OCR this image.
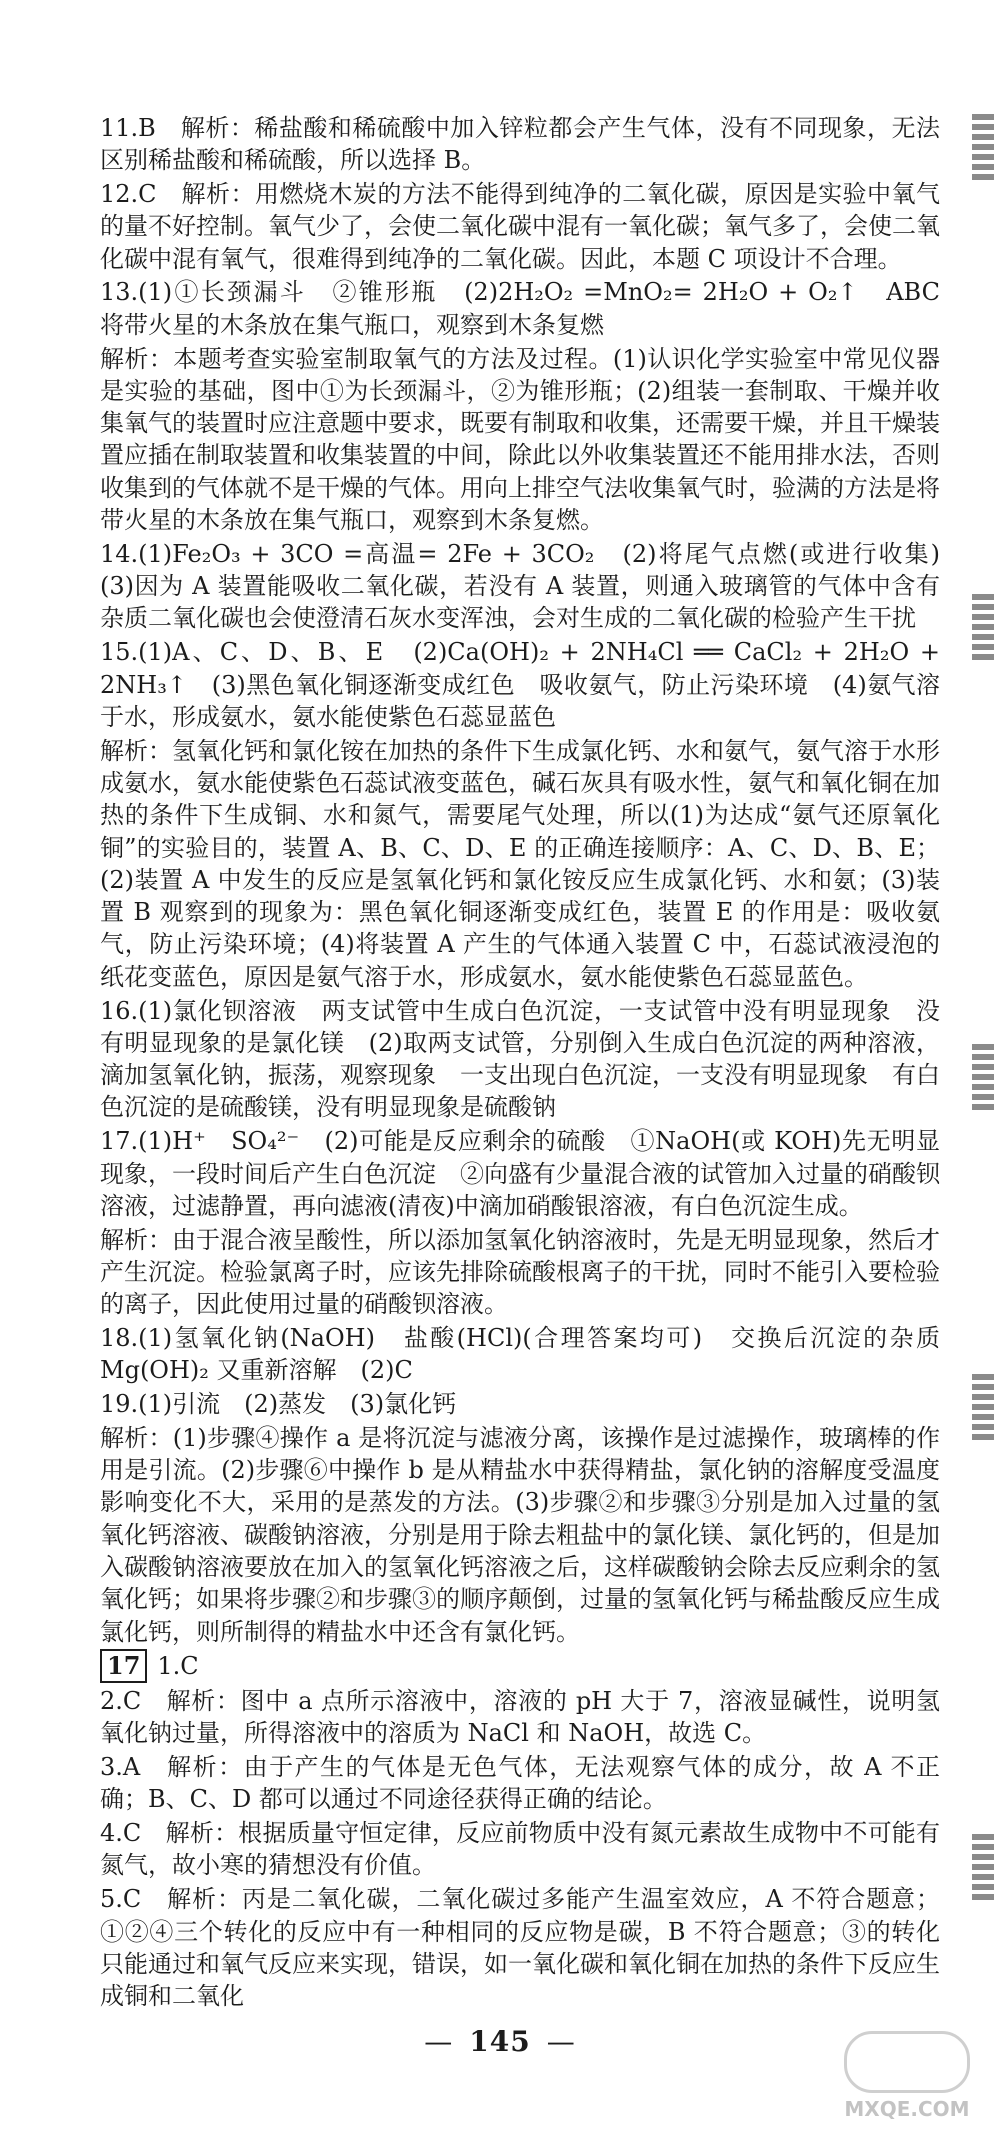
11.B　解析：稀盐酸和稀硫酸中加入锌粒都会产生气体，没有不同现象，无法区别稀盐酸和稀硫酸，所以选择 B。

12.C　解析：用燃烧木炭的方法不能得到纯净的二氧化碳，原因是实验中氧气的量不好控制。氧气少了，会使二氧化碳中混有一氧化碳；氧气多了，会使二氧化碳中混有氧气，很难得到纯净的二氧化碳。因此，本题 C 项设计不合理。

13.(1)①长颈漏斗　②锥形瓶　(2)2H₂O₂ =MnO₂= 2H₂O + O₂↑　ABC　将带火星的木条放在集气瓶口，观察到木条复燃

解析：本题考查实验室制取氧气的方法及过程。(1)认识化学实验室中常见仪器是实验的基础，图中①为长颈漏斗，②为锥形瓶；(2)组装一套制取、干燥并收集氧气的装置时应注意题中要求，既要有制取和收集，还需要干燥，并且干燥装置应插在制取装置和收集装置的中间，除此以外收集装置还不能用排水法，否则收集到的气体就不是干燥的气体。用向上排空气法收集氧气时，验满的方法是将带火星的木条放在集气瓶口，观察到木条复燃。

14.(1)Fe₂O₃ + 3CO =高温= 2Fe + 3CO₂　(2)将尾气点燃(或进行收集)　(3)因为 A 装置能吸收二氧化碳，若没有 A 装置，则通入玻璃管的气体中含有杂质二氧化碳也会使澄清石灰水变浑浊，会对生成的二氧化碳的检验产生干扰

15.(1)A、C、D、B、E　(2)Ca(OH)₂ + 2NH₄Cl ══ CaCl₂ + 2H₂O + 2NH₃↑　(3)黑色氧化铜逐渐变成红色　吸收氨气，防止污染环境　(4)氨气溶于水，形成氨水，氨水能使紫色石蕊显蓝色

解析：氢氧化钙和氯化铵在加热的条件下生成氯化钙、水和氨气，氨气溶于水形成氨水，氨水能使紫色石蕊试液变蓝色，碱石灰具有吸水性，氨气和氧化铜在加热的条件下生成铜、水和氮气，需要尾气处理，所以(1)为达成“氨气还原氧化铜”的实验目的，装置 A、B、C、D、E 的正确连接顺序：A、C、D、B、E；(2)装置 A 中发生的反应是氢氧化钙和氯化铵反应生成氯化钙、水和氨；(3)装置 B 观察到的现象为：黑色氧化铜逐渐变成红色，装置 E 的作用是：吸收氨气，防止污染环境；(4)将装置 A 产生的气体通入装置 C 中，石蕊试液浸泡的纸花变蓝色，原因是氨气溶于水，形成氨水，氨水能使紫色石蕊显蓝色。

16.(1)氯化钡溶液　两支试管中生成白色沉淀，一支试管中没有明显现象　没有明显现象的是氯化镁　(2)取两支试管，分别倒入生成白色沉淀的两种溶液，滴加氢氧化钠，振荡，观察现象　一支出现白色沉淀，一支没有明显现象　有白色沉淀的是硫酸镁，没有明显现象是硫酸钠

17.(1)H⁺　SO₄²⁻　(2)可能是反应剩余的硫酸　①NaOH(或 KOH)先无明显现象，一段时间后产生白色沉淀　②向盛有少量混合液的试管加入过量的硝酸钡溶液，过滤静置，再向滤液(清夜)中滴加硝酸银溶液，有白色沉淀生成。

解析：由于混合液呈酸性，所以添加氢氧化钠溶液时，先是无明显现象，然后才产生沉淀。检验氯离子时，应该先排除硫酸根离子的干扰，同时不能引入要检验的离子，因此使用过量的硝酸钡溶液。

18.(1)氢氧化钠(NaOH)　盐酸(HCl)(合理答案均可)　交换后沉淀的杂质 Mg(OH)₂ 又重新溶解　(2)C

19.(1)引流　(2)蒸发　(3)氯化钙

解析：(1)步骤④操作 a 是将沉淀与滤液分离，该操作是过滤操作，玻璃棒的作用是引流。(2)步骤⑥中操作 b 是从精盐水中获得精盐，氯化钠的溶解度受温度影响变化不大，采用的是蒸发的方法。(3)步骤②和步骤③分别是加入过量的氢氧化钙溶液、碳酸钠溶液，分别是用于除去粗盐中的氯化镁、氯化钙的，但是加入碳酸钠溶液要放在加入的氢氧化钙溶液之后，这样碳酸钠会除去反应剩余的氢氧化钙；如果将步骤②和步骤③的顺序颠倒，过量的氢氧化钙与稀盐酸反应生成氯化钙，则所制得的精盐水中还含有氯化钙。

17 1.C

2.C　解析：图中 a 点所示溶液中，溶液的 pH 大于 7，溶液显碱性，说明氢氧化钠过量，所得溶液中的溶质为 NaCl 和 NaOH，故选 C。

3.A　解析：由于产生的气体是无色气体，无法观察气体的成分，故 A 不正确；B、C、D 都可以通过不同途径获得正确的结论。

4.C　解析：根据质量守恒定律，反应前物质中没有氮元素故生成物中不可能有氮气，故小寒的猜想没有价值。

5.C　解析：丙是二氧化碳，二氧化碳过多能产生温室效应，A 不符合题意；①②④三个转化的反应中有一种相同的反应物是碳，B 不符合题意；③的转化只能通过和氧气反应来实现，错误，如一氧化碳和氧化铜在加热的条件下反应生成铜和二氧化

— 145 —
MXQE.COM
